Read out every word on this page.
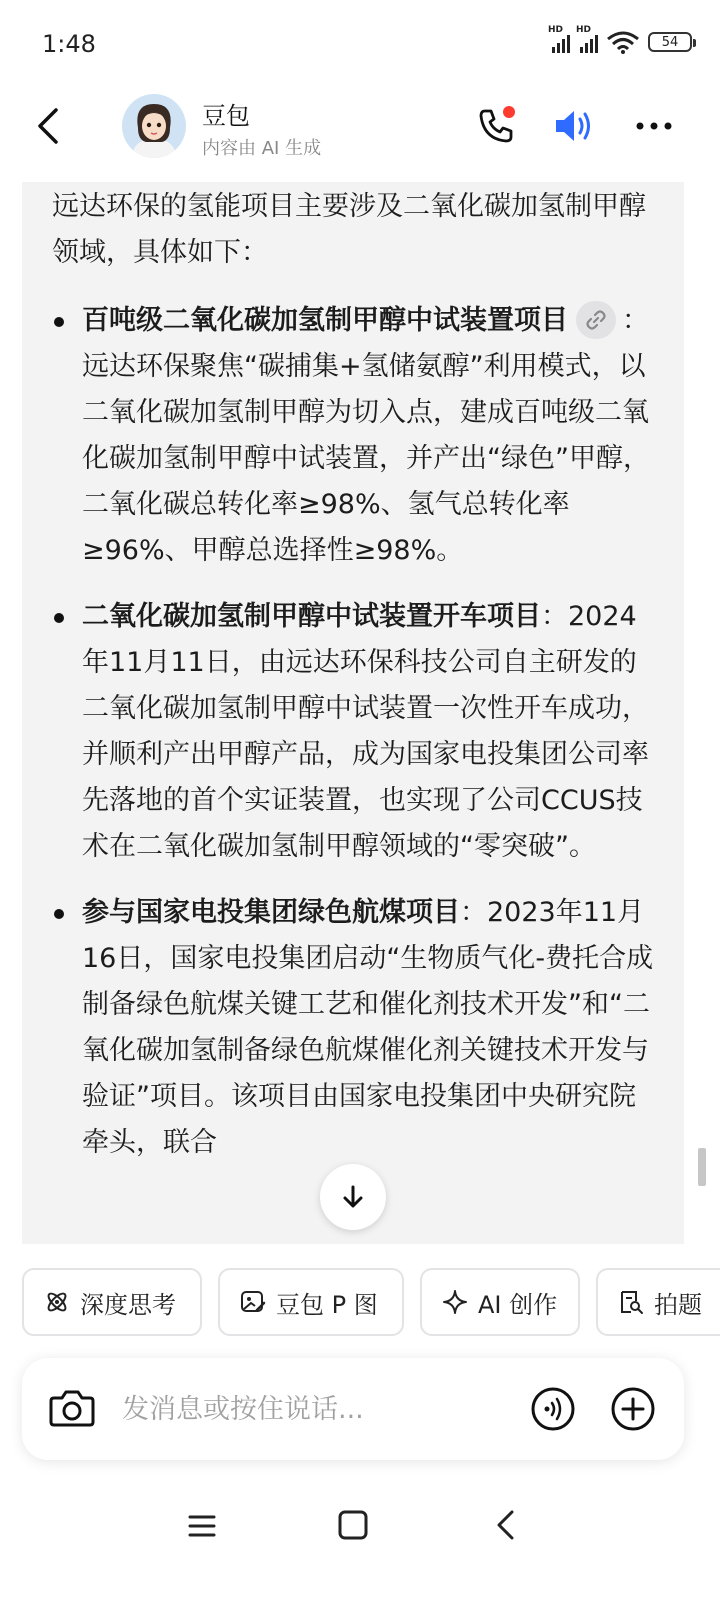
1:48	HD HD
54
豆包
内容由 AI 生成

远达环保的氢能项目主要涉及二氧化碳加氢制甲醇领域，具体如下：

百吨级二氧化碳加氢制甲醇中试装置项目 ：远达环保聚焦“碳捕集+氢储氨醇”利用模式，以二氧化碳加氢制甲醇为切入点，建成百吨级二氧化碳加氢制甲醇中试装置，并产出“绿色”甲醇，二氧化碳总转化率≥98%、氢气总转化率≥96%、甲醇总选择性≥98%。
二氧化碳加氢制甲醇中试装置开车项目：2024年11月11日，由远达环保科技公司自主研发的二氧化碳加氢制甲醇中试装置一次性开车成功，并顺利产出甲醇产品，成为国家电投集团公司率先落地的首个实证装置，也实现了公司CCUS技术在二氧化碳加氢制甲醇领域的“零突破”。
参与国家电投集团绿色航煤项目：2023年11月16日，国家电投集团启动“生物质气化-费托合成制备绿色航煤关键工艺和催化剂技术开发”和“二氧化碳加氢制备绿色航煤催化剂关键技术开发与验证”项目。该项目由国家电投集团中央研究院牵头，联合
深度思考	豆包 P 图	AI 创作	拍题
发消息或按住说话...
